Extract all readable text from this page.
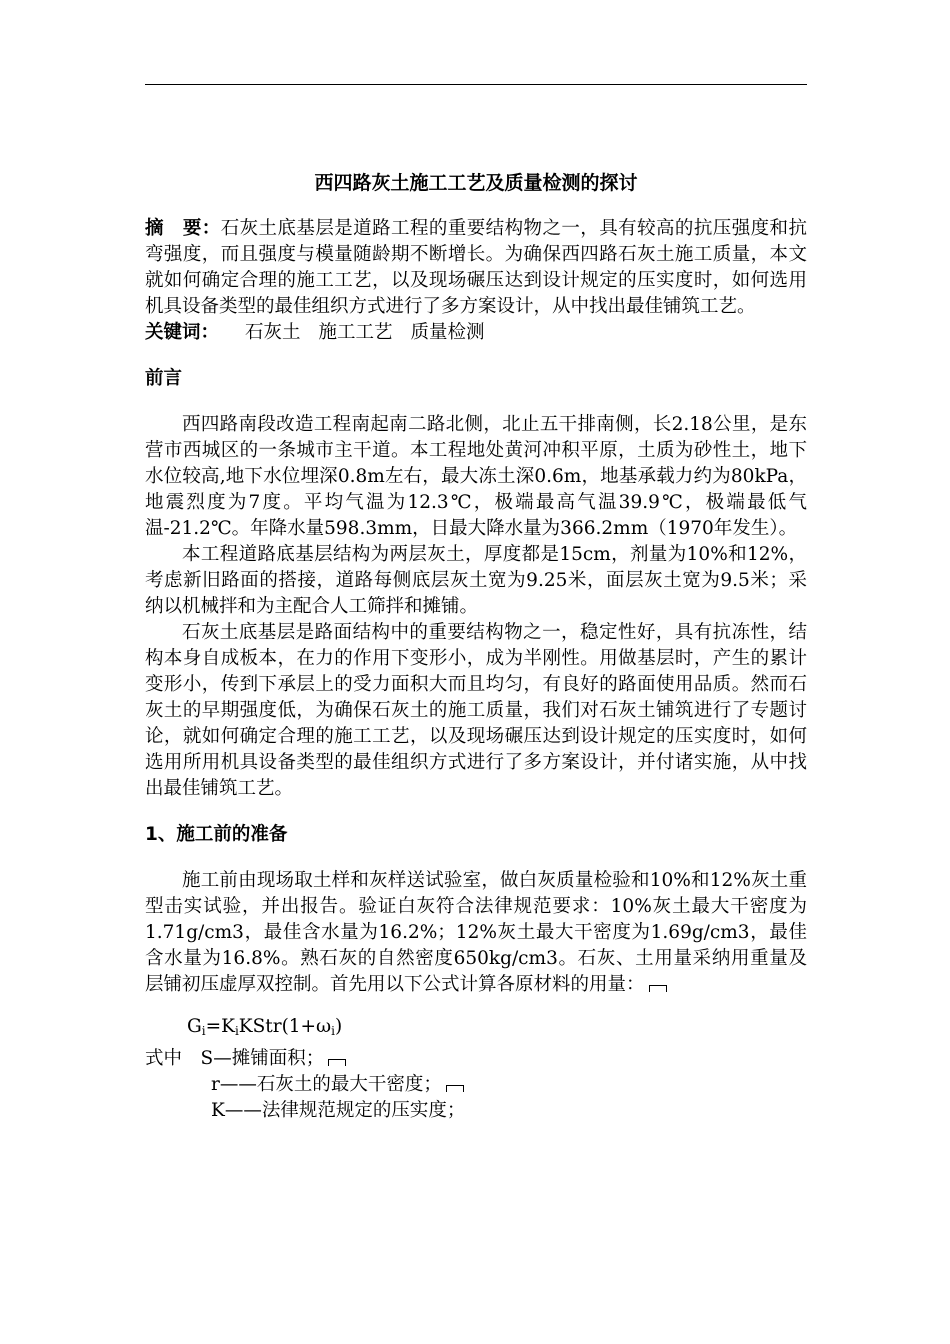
西四路灰土施工工艺及质量检测的探讨

摘　要：石灰土底基层是道路工程的重要结构物之一，具有较高的抗压强度和抗弯强度，而且强度与模量随龄期不断增长。为确保西四路石灰土施工质量，本文就如何确定合理的施工工艺，以及现场碾压达到设计规定的压实度时，如何选用机具设备类型的最佳组织方式进行了多方案设计，从中找出最佳铺筑工艺。

关键词： 石灰土 施工工艺 质量检测

前言

西四路南段改造工程南起南二路北侧，北止五干排南侧，长2.18公里，是东营市西城区的一条城市主干道。本工程地处黄河冲积平原，土质为砂性土，地下水位较高,地下水位埋深0.8m左右，最大冻土深0.6m，地基承载力约为80kPa，地震烈度为7度。平均气温为12.3℃，极端最高气温39.9℃，极端最低气温-21.2℃。年降水量598.3mm，日最大降水量为366.2mm（1970年发生）。

本工程道路底基层结构为两层灰土，厚度都是15cm，剂量为10%和12%，考虑新旧路面的搭接，道路每侧底层灰土宽为9.25米，面层灰土宽为9.5米；采纳以机械拌和为主配合人工筛拌和摊铺。

石灰土底基层是路面结构中的重要结构物之一，稳定性好，具有抗冻性，结构本身自成板本，在力的作用下变形小，成为半刚性。用做基层时，产生的累计变形小，传到下承层上的受力面积大而且均匀，有良好的路面使用品质。然而石灰土的早期强度低，为确保石灰土的施工质量，我们对石灰土铺筑进行了专题讨论，就如何确定合理的施工工艺，以及现场碾压达到设计规定的压实度时，如何选用所用机具设备类型的最佳组织方式进行了多方案设计，并付诸实施，从中找出最佳铺筑工艺。

1、施工前的准备

施工前由现场取土样和灰样送试验室，做白灰质量检验和10%和12%灰土重型击实试验，并出报告。验证白灰符合法律规范要求：10%灰土最大干密度为1.71g/cm3，最佳含水量为16.2%；12%灰土最大干密度为1.69g/cm3，最佳含水量为16.8%。熟石灰的自然密度650kg/cm3。石灰、土用量采纳用重量及层铺初压虚厚双控制。首先用以下公式计算各原材料的用量：

$G_i=K_iKStr(1+\omega_i)$

式中　 S—摊铺面积；

r——石灰土的最大干密度；

K——法律规范规定的压实度；
